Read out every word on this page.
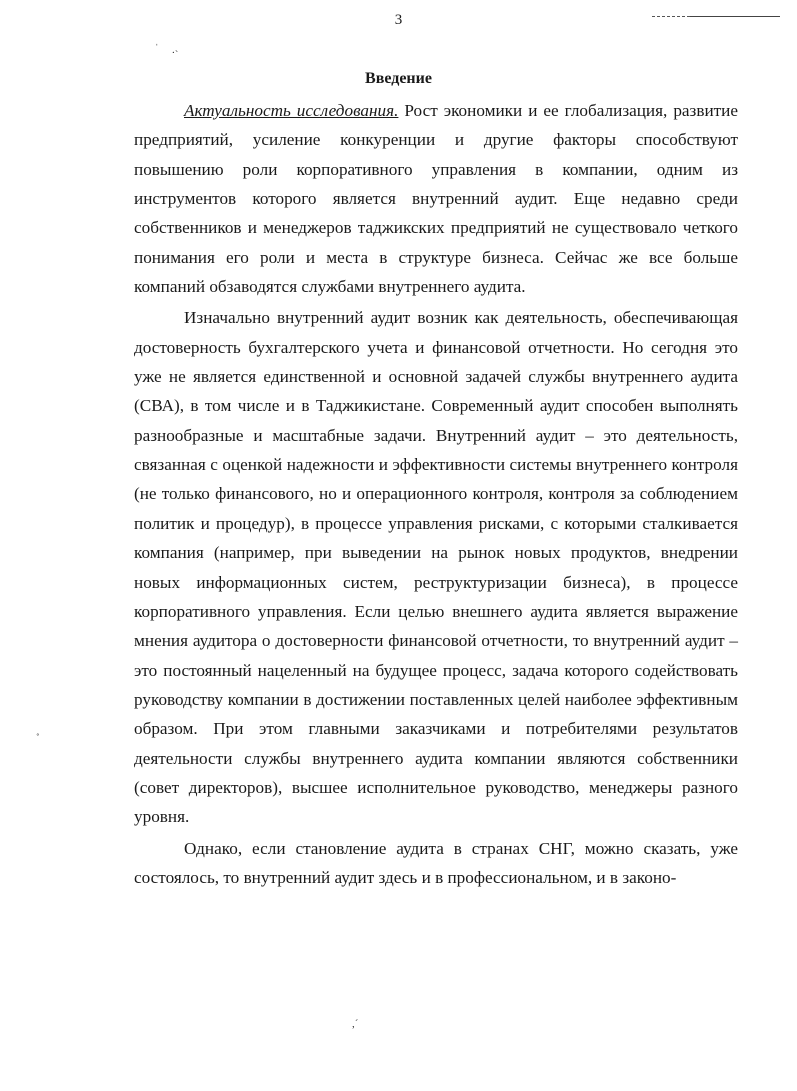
3
ˈ .˴
˚
,ˊ
Введение

Актуальность исследования. Рост экономики и ее глобализация, развитие предприятий, усиление конкуренции и другие факторы способствуют повышению роли корпоративного управления в компании, одним из инструментов которого является внутренний аудит. Еще недавно среди собственников и менеджеров таджикских предприятий не существовало четкого понимания его роли и места в структуре бизнеса. Сейчас же все больше компаний обзаводятся службами внутреннего аудита.

Изначально внутренний аудит возник как деятельность, обеспечивающая достоверность бухгалтерского учета и финансовой отчетности. Но сегодня это уже не является единственной и основной задачей службы внутреннего аудита (СВА), в том числе и в Таджикистане. Современный аудит способен выполнять разнообразные и масштабные задачи. Внутренний аудит – это деятельность, связанная с оценкой надежности и эффективности системы внутреннего контроля (не только финансового, но и операционного контроля, контроля за соблюдением политик и процедур), в процессе управления рисками, с которыми сталкивается компания (например, при выведении на рынок новых продуктов, внедрении новых информационных систем, реструктуризации бизнеса), в процессе корпоративного управления. Если целью внешнего аудита является выражение мнения аудитора о достоверности финансовой отчетности, то внутренний аудит – это постоянный нацеленный на будущее процесс, задача которого содействовать руководству компании в достижении поставленных целей наиболее эффективным образом. При этом главными заказчиками и потребителями результатов деятельности службы внутреннего аудита компании являются собственники (совет директоров), высшее исполнительное руководство, менеджеры разного уровня.

Однако, если становление аудита в странах СНГ, можно сказать, уже состоялось, то внутренний аудит здесь и в профессиональном, и в законо-
